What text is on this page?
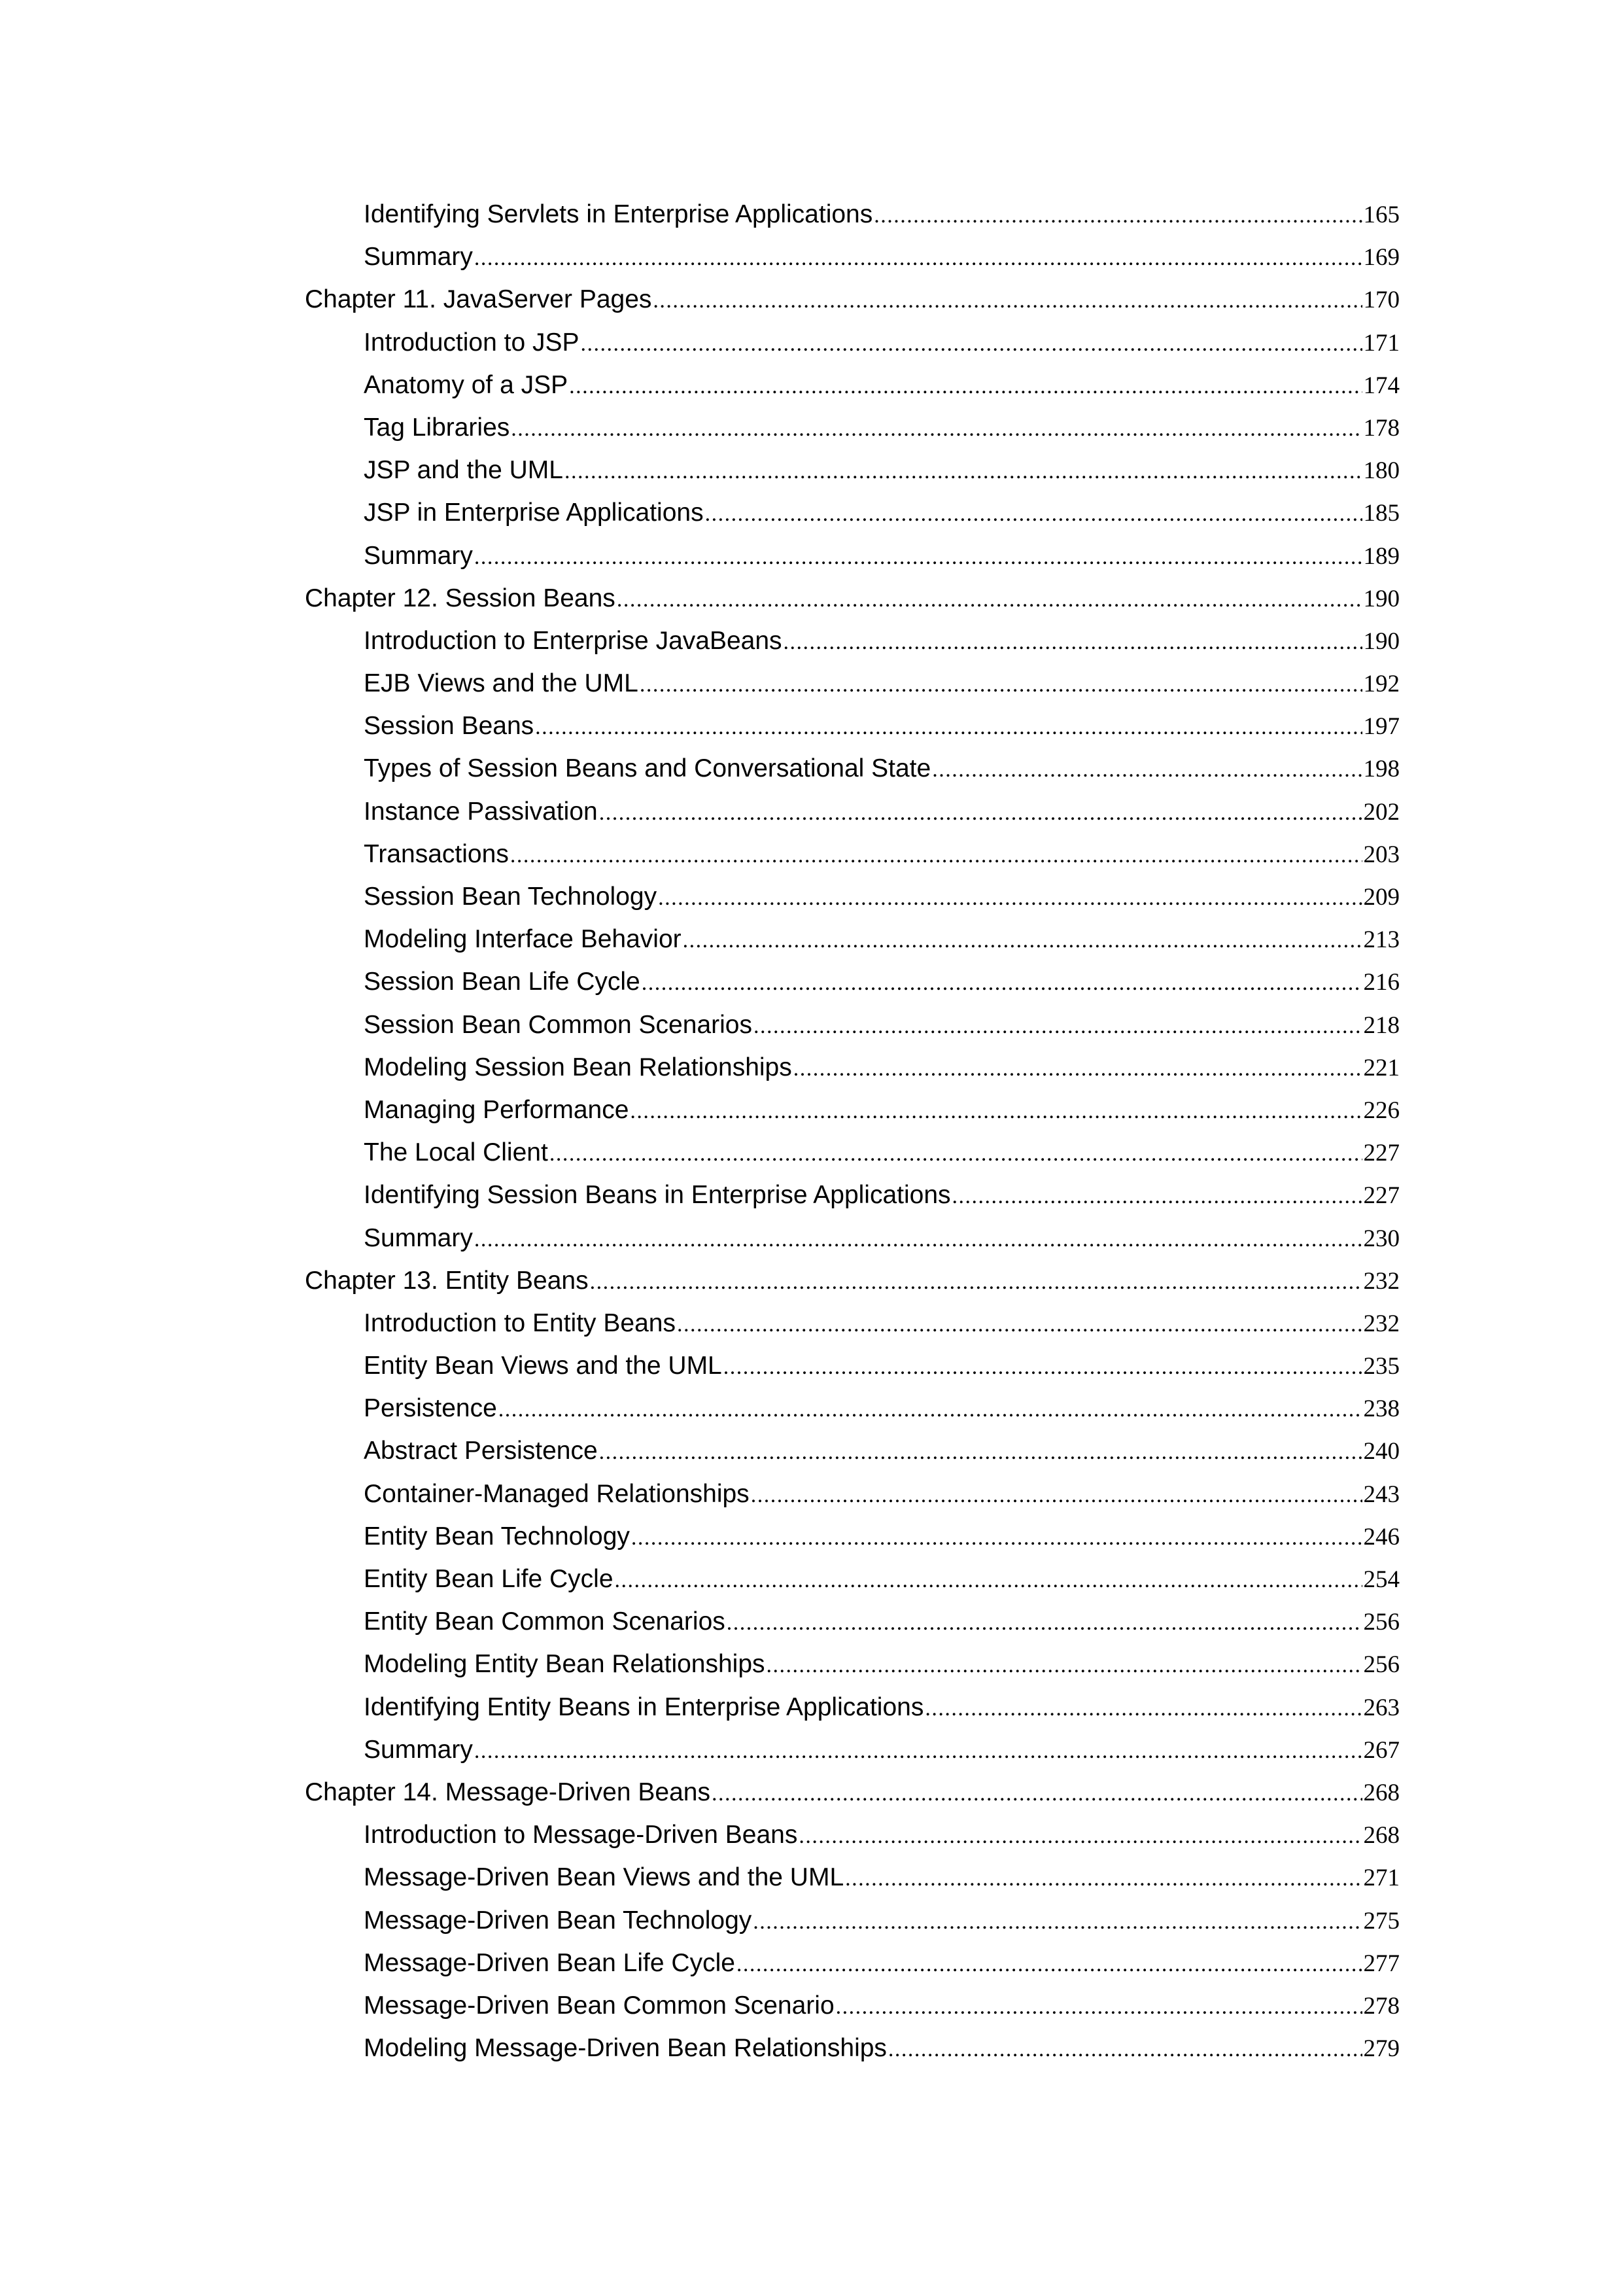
Identifying Servlets in Enterprise Applications .....	165
Summary .....	169
Chapter 11. JavaServer Pages .....	170
Introduction to JSP .....	171
Anatomy of a JSP .....	174
Tag Libraries .....	178
JSP and the UML .....	180
JSP in Enterprise Applications .....	185
Summary .....	189
Chapter 12. Session Beans .....	190
Introduction to Enterprise JavaBeans .....	190
EJB Views and the UML .....	192
Session Beans .....	197
Types of Session Beans and Conversational State .....	198
Instance Passivation .....	202
Transactions .....	203
Session Bean Technology .....	209
Modeling Interface Behavior .....	213
Session Bean Life Cycle .....	216
Session Bean Common Scenarios .....	218
Modeling Session Bean Relationships .....	221
Managing Performance .....	226
The Local Client .....	227
Identifying Session Beans in Enterprise Applications .....	227
Summary .....	230
Chapter 13. Entity Beans .....	232
Introduction to Entity Beans .....	232
Entity Bean Views and the UML .....	235
Persistence .....	238
Abstract Persistence .....	240
Container-Managed Relationships .....	243
Entity Bean Technology .....	246
Entity Bean Life Cycle .....	254
Entity Bean Common Scenarios .....	256
Modeling Entity Bean Relationships .....	256
Identifying Entity Beans in Enterprise Applications .....	263
Summary .....	267
Chapter 14. Message-Driven Beans .....	268
Introduction to Message-Driven Beans .....	268
Message-Driven Bean Views and the UML .....	271
Message-Driven Bean Technology .....	275
Message-Driven Bean Life Cycle .....	277
Message-Driven Bean Common Scenario .....	278
Modeling Message-Driven Bean Relationships .....	279
